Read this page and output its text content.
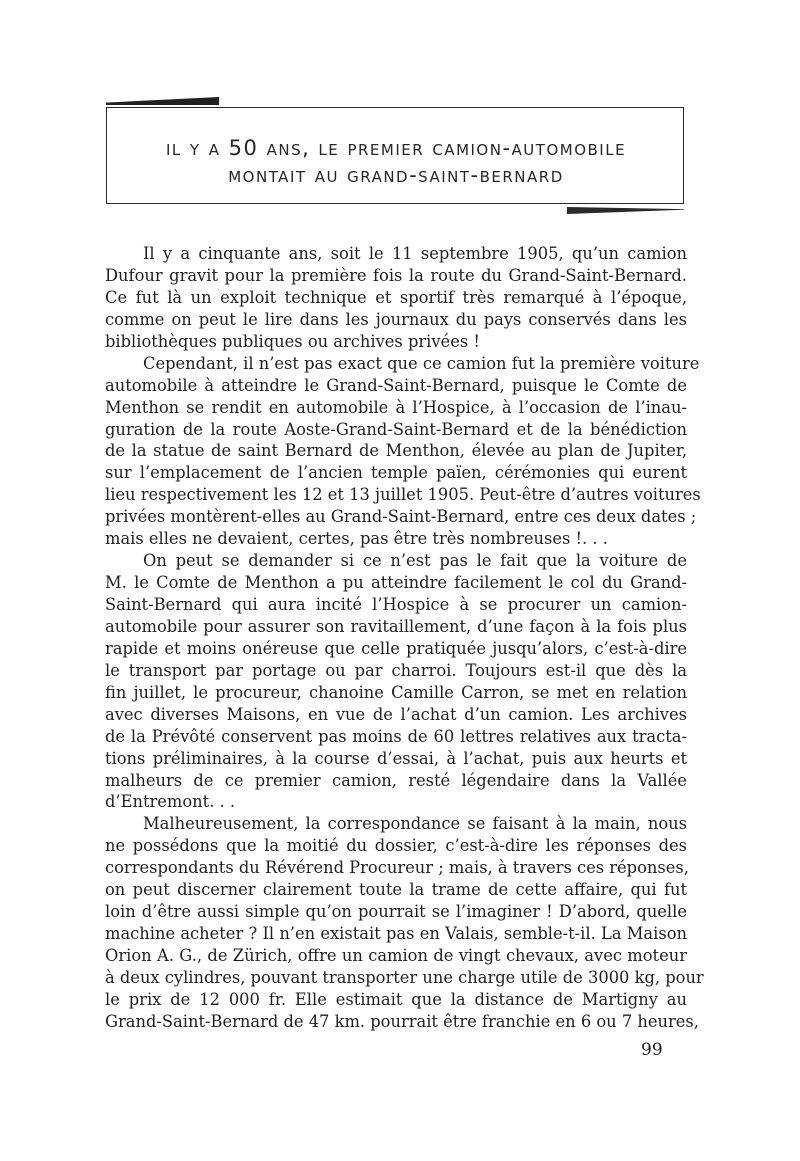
il y a 50 ans, le premier camion-automobile
montait au grand-saint-bernard
Il y a cinquante ans, soit le 11 septembre 1905, qu’un camion
Dufour gravit pour la première fois la route du Grand-Saint-Bernard.
Ce fut là un exploit technique et sportif très remarqué à l’époque,
comme on peut le lire dans les journaux du pays conservés dans les
bibliothèques publiques ou archives privées !
Cependant, il n’est pas exact que ce camion fut la première voiture
automobile à atteindre le Grand-Saint-Bernard, puisque le Comte de
Menthon se rendit en automobile à l’Hospice, à l’occasion de l’inau-
guration de la route Aoste-Grand-Saint-Bernard et de la bénédiction
de la statue de saint Bernard de Menthon, élevée au plan de Jupiter,
sur l’emplacement de l’ancien temple païen, cérémonies qui eurent
lieu respectivement les 12 et 13 juillet 1905. Peut-être d’autres voitures
privées montèrent-elles au Grand-Saint-Bernard, entre ces deux dates ;
mais elles ne devaient, certes, pas être très nombreuses !. . .
On peut se demander si ce n’est pas le fait que la voiture de
M. le Comte de Menthon a pu atteindre facilement le col du Grand-
Saint-Bernard qui aura incité l’Hospice à se procurer un camion-
automobile pour assurer son ravitaillement, d’une façon à la fois plus
rapide et moins onéreuse que celle pratiquée jusqu’alors, c’est-à-dire
le transport par portage ou par charroi. Toujours est-il que dès la
fin juillet, le procureur, chanoine Camille Carron, se met en relation
avec diverses Maisons, en vue de l’achat d’un camion. Les archives
de la Prévôté conservent pas moins de 60 lettres relatives aux tracta-
tions préliminaires, à la course d’essai, à l’achat, puis aux heurts et
malheurs de ce premier camion, resté légendaire dans la Vallée
d’Entremont. . .
Malheureusement, la correspondance se faisant à la main, nous
ne possédons que la moitié du dossier, c’est-à-dire les réponses des
correspondants du Révérend Procureur ; mais, à travers ces réponses,
on peut discerner clairement toute la trame de cette affaire, qui fut
loin d’être aussi simple qu’on pourrait se l’imaginer ! D’abord, quelle
machine acheter ? Il n’en existait pas en Valais, semble-t-il. La Maison
Orion A. G., de Zürich, offre un camion de vingt chevaux, avec moteur
à deux cylindres, pouvant transporter une charge utile de 3000 kg, pour
le prix de 12 000 fr. Elle estimait que la distance de Martigny au
Grand-Saint-Bernard de 47 km. pourrait être franchie en 6 ou 7 heures,
99
